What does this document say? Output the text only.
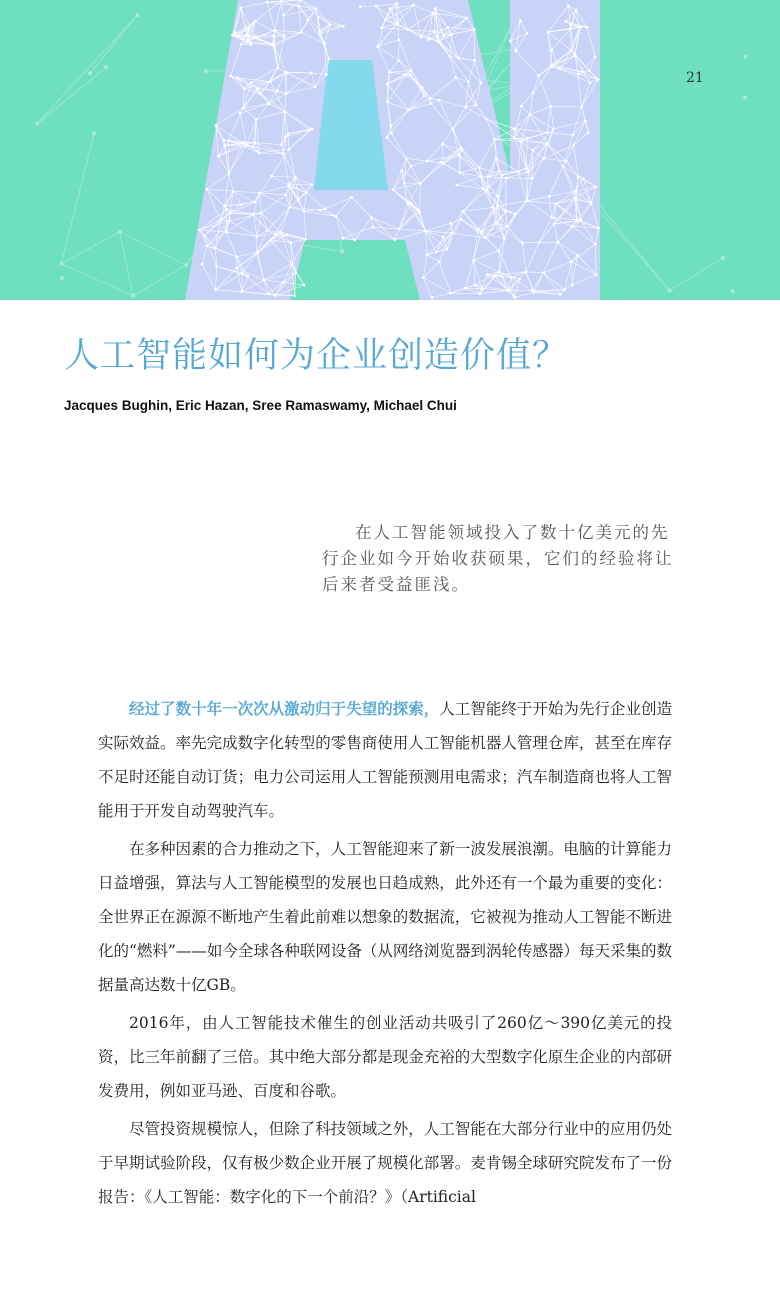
21
人工智能如何为企业创造价值？
Jacques Bughin, Eric Hazan, Sree Ramaswamy, Michael Chui

在人工智能领域投入了数十亿美元的先行企业如今开始收获硕果，它们的经验将让后来者受益匪浅。

经过了数十年一次次从激动归于失望的探索，人工智能终于开始为先行企业创造实际效益。率先完成数字化转型的零售商使用人工智能机器人管理仓库，甚至在库存不足时还能自动订货；电力公司运用人工智能预测用电需求；汽车制造商也将人工智能用于开发自动驾驶汽车。

在多种因素的合力推动之下，人工智能迎来了新一波发展浪潮。电脑的计算能力日益增强，算法与人工智能模型的发展也日趋成熟，此外还有一个最为重要的变化：全世界正在源源不断地产生着此前难以想象的数据流，它被视为推动人工智能不断进化的“燃料”——如今全球各种联网设备（从网络浏览器到涡轮传感器）每天采集的数据量高达数十亿GB。

2016年，由人工智能技术催生的创业活动共吸引了260亿～390亿美元的投资，比三年前翻了三倍。其中绝大部分都是现金充裕的大型数字化原生企业的内部研发费用，例如亚马逊、百度和谷歌。

尽管投资规模惊人，但除了科技领域之外，人工智能在大部分行业中的应用仍处于早期试验阶段，仅有极少数企业开展了规模化部署。麦肯锡全球研究院发布了一份报告：《人工智能：数字化的下一个前沿？》（Artificial
